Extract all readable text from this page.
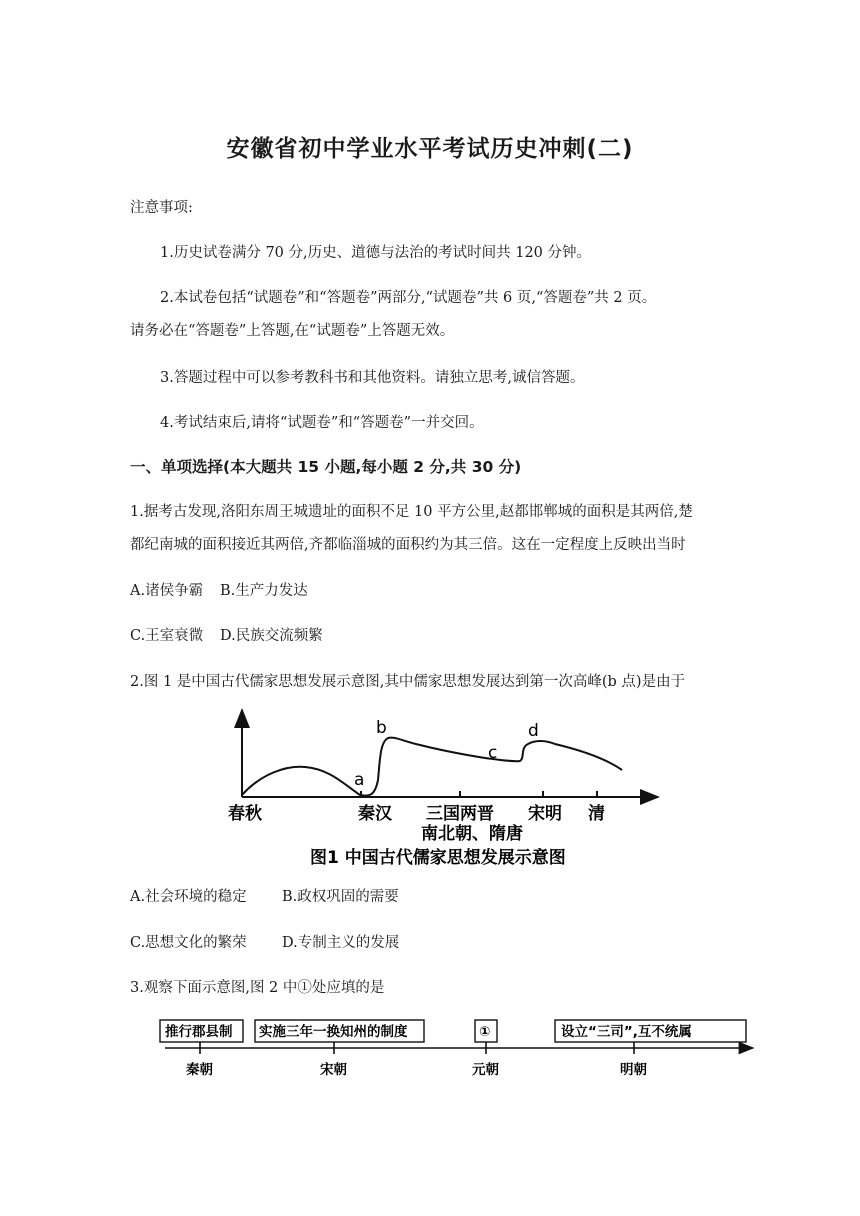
安徽省初中学业水平考试历史冲刺(二)
注意事项:
1.历史试卷满分 70 分,历史、道德与法治的考试时间共 120 分钟。
2.本试卷包括“试题卷”和“答题卷”两部分,“试题卷”共 6 页,“答题卷”共 2 页。
请务必在“答题卷”上答题,在“试题卷”上答题无效。
3.答题过程中可以参考教科书和其他资料。请独立思考,诚信答题。
4.考试结束后,请将“试题卷”和“答题卷”一并交回。
一、单项选择(本大题共 15 小题,每小题 2 分,共 30 分)
1.据考古发现,洛阳东周王城遗址的面积不足 10 平方公里,赵都邯郸城的面积是其两倍,楚
都纪南城的面积接近其两倍,齐都临淄城的面积约为其三倍。这在一定程度上反映出当时
A.诸侯争霸 B.生产力发达
C.王室衰微 D.民族交流频繁
2.图 1 是中国古代儒家思想发展示意图,其中儒家思想发展达到第一次高峰(b 点)是由于
a
b
c
d
春秋	秦汉 三国两晋 宋明 清
南北朝、隋唐
图1 中国古代儒家思想发展示意图
A.社会环境的稳定 B.政权巩固的需要
C.思想文化的繁荣 D.专制主义的发展
3.观察下面示意图,图 2 中①处应填的是
推行郡县制 实施三年一换知州的制度	①	设立“三司”,互不统属
秦朝	宋朝	元朝	明朝
